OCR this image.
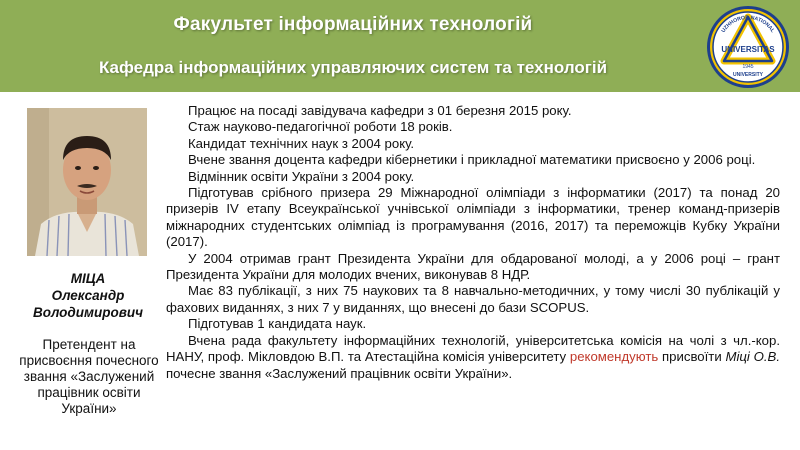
Факультет інформаційних технологій
Кафедра інформаційних управляючих систем та технологій
UZHHOROD NATIONAL
UNIVERSITAS
1945
UNIVERSITY
МІЦА
Олександр
Володимирович
Претендент на присвоєння почесного звання «Заслужений працівник освіти України»

Працює на посаді завідувача кафедри з 01 березня 2015 року.

Стаж науково-педагогічної роботи 18 років.

Кандидат технічних наук з 2004 року.

Вчене звання доцента кафедри кібернетики і прикладної математики присвоєно у 2006 році.

Відмінник освіти України з 2004 року.

Підготував срібного призера 29 Міжнародної олімпіади з інформатики (2017) та понад 20 призерів ІV етапу Всеукраїнської учнівської олімпіади з інформатики, тренер команд-призерів міжнародних студентських олімпіад із програмування (2016, 2017) та переможців Кубку України (2017).

У 2004 отримав грант Президента України для обдарованої молоді, а у 2006 році – грант Президента України для молодих вчених, виконував 8 НДР.

Має 83 публікації, з них 75 наукових та 8 навчально-методичних, у тому числі 30 публікацій у фахових виданнях, з них 7 у виданнях, що внесені до бази SCOPUS.

Підготував 1 кандидата наук.

Вчена рада факультету інформаційних технологій, університетська комісія на чолі з чл.-кор. НАНУ, проф. Мікловдою В.П. та Атестаційна комісія університету рекомендують присвоїти Міці О.В. почесне звання «Заслужений працівник освіти України».
